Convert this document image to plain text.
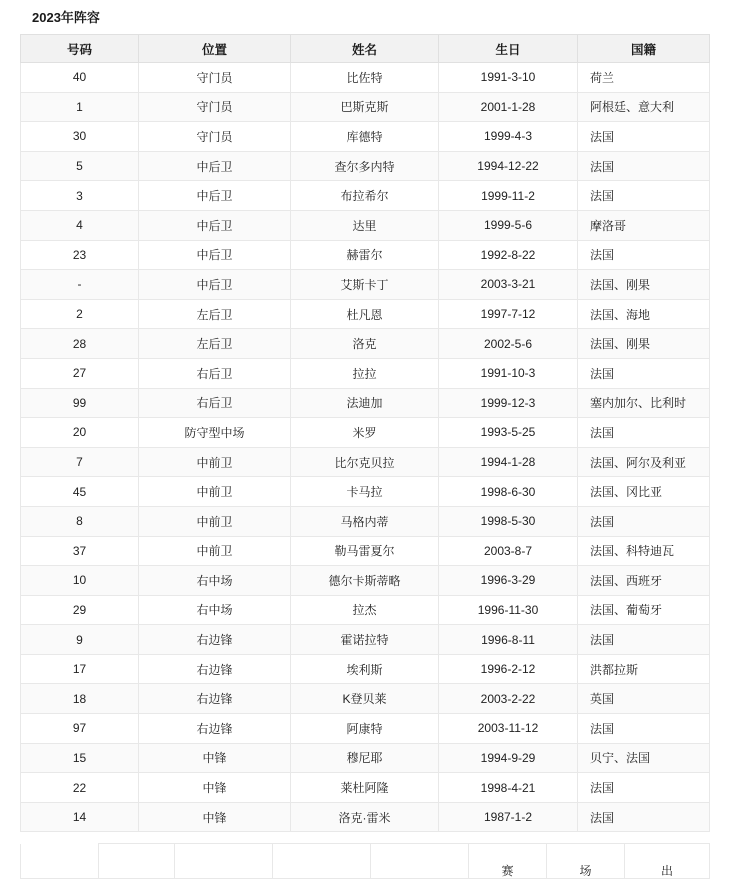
2023年阵容
号码	位置	姓名	生日	国籍
40	守门员	比佐特	1991-3-10	荷兰
1	守门员	巴斯克斯	2001-1-28	阿根廷、意大利
30	守门员	库德特	1999-4-3	法国
5	中后卫	查尔多内特	1994-12-22	法国
3	中后卫	布拉希尔	1999-11-2	法国
4	中后卫	达里	1999-5-6	摩洛哥
23	中后卫	赫雷尔	1992-8-22	法国
-	中后卫	艾斯卡丁	2003-3-21	法国、刚果
2	左后卫	杜凡恩	1997-7-12	法国、海地
28	左后卫	洛克	2002-5-6	法国、刚果
27	右后卫	拉拉	1991-10-3	法国
99	右后卫	法迪加	1999-12-3	塞内加尔、比利时
20	防守型中场	米罗	1993-5-25	法国
7	中前卫	比尔克贝拉	1994-1-28	法国、阿尔及利亚
45	中前卫	卡马拉	1998-6-30	法国、冈比亚
8	中前卫	马格内蒂	1998-5-30	法国
37	中前卫	勒马雷夏尔	2003-8-7	法国、科特迪瓦
10	右中场	德尔卡斯蒂略	1996-3-29	法国、西班牙
29	右中场	拉杰	1996-11-30	法国、葡萄牙
9	右边锋	霍诺拉特	1996-8-11	法国
17	右边锋	埃利斯	1996-2-12	洪都拉斯
18	右边锋	K登贝莱	2003-2-22	英国
97	右边锋	阿康特	2003-11-12	法国
15	中锋	穆尼耶	1994-9-29	贝宁、法国
22	中锋	莱杜阿隆	1998-4-21	法国
14	中锋	洛克·雷米	1987-1-2	法国
					赛	场	出
